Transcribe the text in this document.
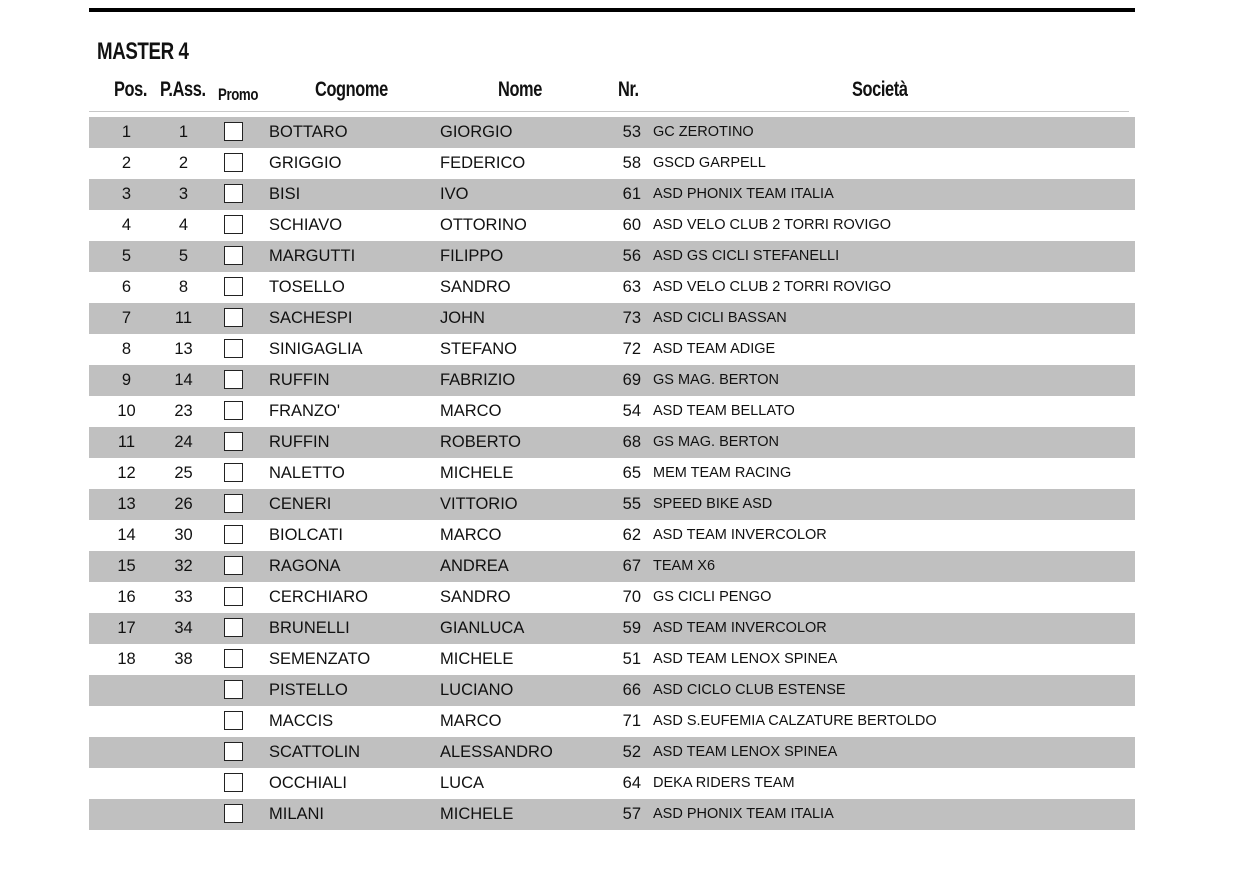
MASTER 4
Pos. P.Ass. Promo	Cognome	Nome	Nr.	Società
1	1	BOTTARO	GIORGIO	53 GC ZEROTINO
2	2	GRIGGIO	FEDERICO	58 GSCD GARPELL
3	3	BISI	IVO	61 ASD PHONIX TEAM ITALIA
4	4	SCHIAVO	OTTORINO	60 ASD VELO CLUB 2 TORRI ROVIGO
5	5	MARGUTTI	FILIPPO	56 ASD GS CICLI STEFANELLI
6	8	TOSELLO	SANDRO	63 ASD VELO CLUB 2 TORRI ROVIGO
7	11	SACHESPI	JOHN	73 ASD CICLI BASSAN
8	13	SINIGAGLIA	STEFANO	72 ASD TEAM ADIGE
9	14	RUFFIN	FABRIZIO	69 GS MAG. BERTON
10	23	FRANZO'	MARCO	54 ASD TEAM BELLATO
11	24	RUFFIN	ROBERTO	68 GS MAG. BERTON
12	25	NALETTO	MICHELE	65 MEM TEAM RACING
13	26	CENERI	VITTORIO	55 SPEED BIKE ASD
14	30	BIOLCATI	MARCO	62 ASD TEAM INVERCOLOR
15	32	RAGONA	ANDREA	67 TEAM X6
16	33	CERCHIARO	SANDRO	70 GS CICLI PENGO
17	34	BRUNELLI	GIANLUCA	59 ASD TEAM INVERCOLOR
18	38	SEMENZATO	MICHELE	51 ASD TEAM LENOX SPINEA
PISTELLO	LUCIANO	66 ASD CICLO CLUB ESTENSE
MACCIS	MARCO	71 ASD S.EUFEMIA CALZATURE BERTOLDO
SCATTOLIN	ALESSANDRO	52 ASD TEAM LENOX SPINEA
OCCHIALI	LUCA	64 DEKA RIDERS TEAM
MILANI	MICHELE	57 ASD PHONIX TEAM ITALIA
